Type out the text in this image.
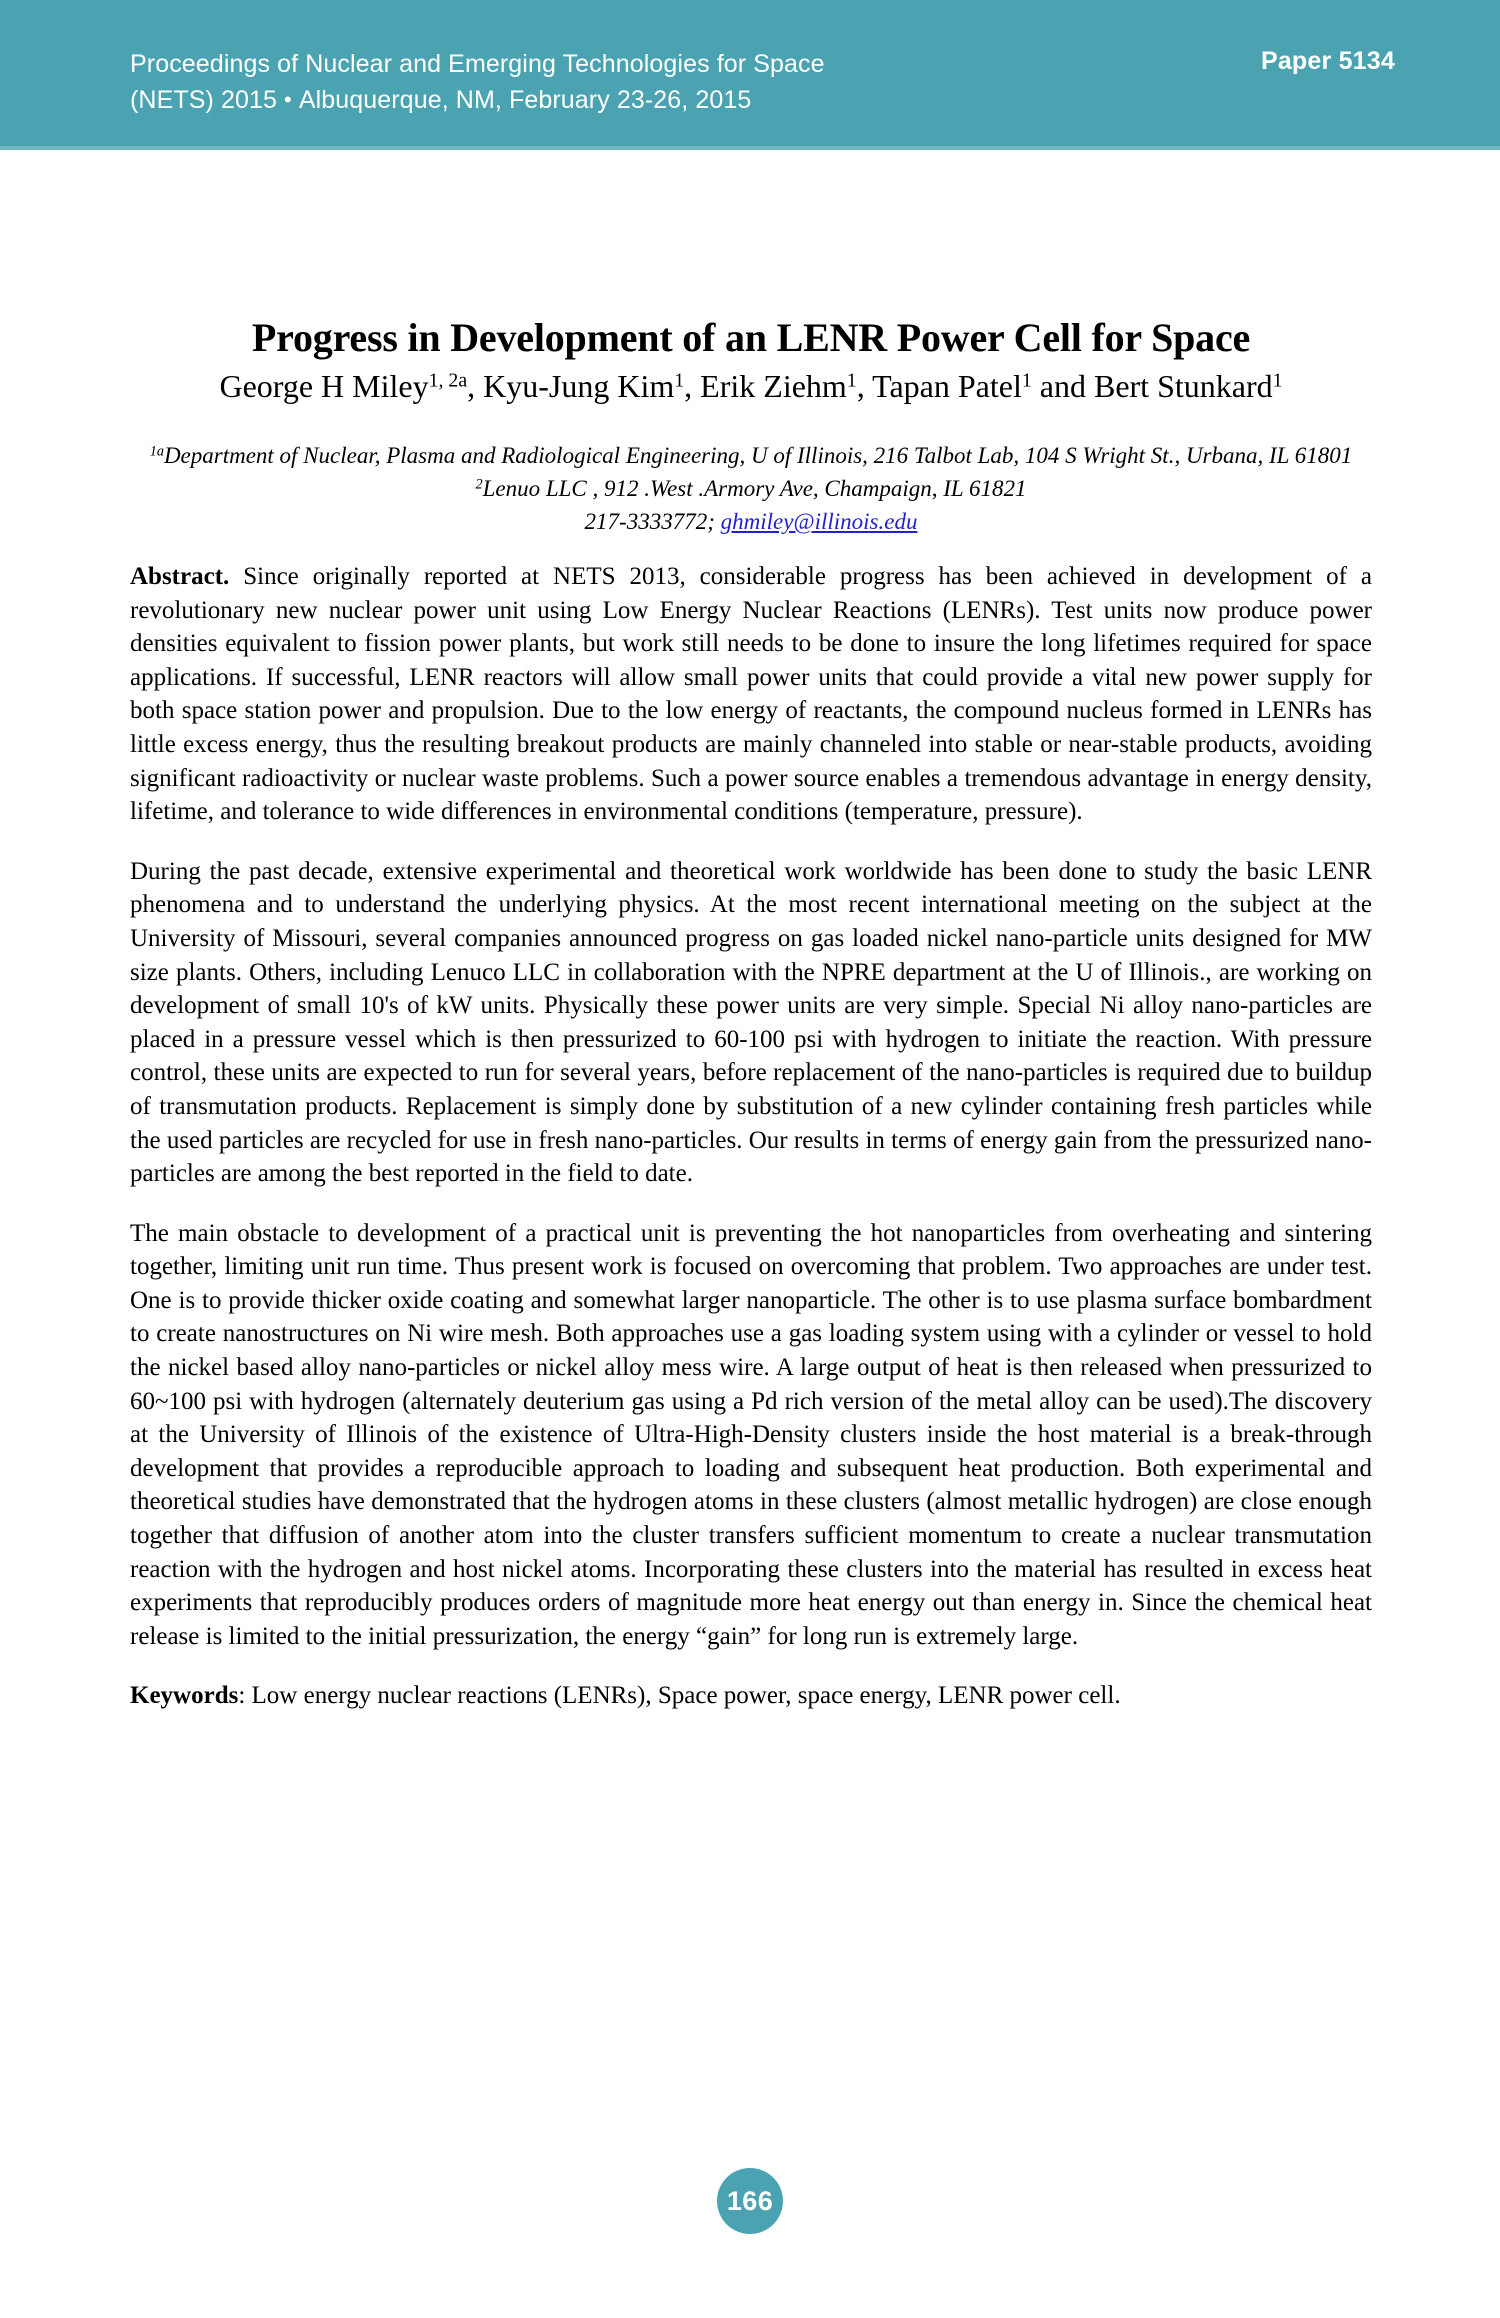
Proceedings of Nuclear and Emerging Technologies for Space
(NETS) 2015 • Albuquerque, NM, February 23-26, 2015
Paper 5134
Progress in Development of an LENR Power Cell for Space
George H Miley$^{1, 2a}$, Kyu-Jung Kim$^1$, Erik Ziehm$^1$, Tapan Patel$^1$ and Bert Stunkard$^1$

$^{1a}$Department of Nuclear, Plasma and Radiological Engineering, U of Illinois, 216 Talbot Lab, 104 S Wright St., Urbana, IL 61801

$^2$Lenuo LLC , 912 .West .Armory Ave, Champaign, IL 61821

217-3333772; ghmiley@illinois.edu

Abstract. Since originally reported at NETS 2013, considerable progress has been achieved in development of a revolutionary new nuclear power unit using Low Energy Nuclear Reactions (LENRs). Test units now produce power densities equivalent to fission power plants, but work still needs to be done to insure the long lifetimes required for space applications. If successful, LENR reactors will allow small power units that could provide a vital new power supply for both space station power and propulsion. Due to the low energy of reactants, the compound nucleus formed in LENRs has little excess energy, thus the resulting breakout products are mainly channeled into stable or near-stable products, avoiding significant radioactivity or nuclear waste problems. Such a power source enables a tremendous advantage in energy density, lifetime, and tolerance to wide differences in environmental conditions (temperature, pressure).

During the past decade, extensive experimental and theoretical work worldwide has been done to study the basic LENR phenomena and to understand the underlying physics. At the most recent international meeting on the subject at the University of Missouri, several companies announced progress on gas loaded nickel nano-particle units designed for MW size plants. Others, including Lenuco LLC in collaboration with the NPRE department at the U of Illinois., are working on development of small 10's of kW units. Physically these power units are very simple. Special Ni alloy nano-particles are placed in a pressure vessel which is then pressurized to 60-100 psi with hydrogen to initiate the reaction. With pressure control, these units are expected to run for several years, before replacement of the nano-particles is required due to buildup of transmutation products. Replacement is simply done by substitution of a new cylinder containing fresh particles while the used particles are recycled for use in fresh nano-particles. Our results in terms of energy gain from the pressurized nano-particles are among the best reported in the field to date.

The main obstacle to development of a practical unit is preventing the hot nanoparticles from overheating and sintering together, limiting unit run time. Thus present work is focused on overcoming that problem. Two approaches are under test. One is to provide thicker oxide coating and somewhat larger nanoparticle. The other is to use plasma surface bombardment to create nanostructures on Ni wire mesh. Both approaches use a gas loading system using with a cylinder or vessel to hold the nickel based alloy nano-particles or nickel alloy mess wire. A large output of heat is then released when pressurized to 60~100 psi with hydrogen (alternately deuterium gas using a Pd rich version of the metal alloy can be used).The discovery at the University of Illinois of the existence of Ultra-High-Density clusters inside the host material is a break-through development that provides a reproducible approach to loading and subsequent heat production. Both experimental and theoretical studies have demonstrated that the hydrogen atoms in these clusters (almost metallic hydrogen) are close enough together that diffusion of another atom into the cluster transfers sufficient momentum to create a nuclear transmutation reaction with the hydrogen and host nickel atoms. Incorporating these clusters into the material has resulted in excess heat experiments that reproducibly produces orders of magnitude more heat energy out than energy in. Since the chemical heat release is limited to the initial pressurization, the energy “gain” for long run is extremely large.

Keywords: Low energy nuclear reactions (LENRs), Space power, space energy, LENR power cell.

166
